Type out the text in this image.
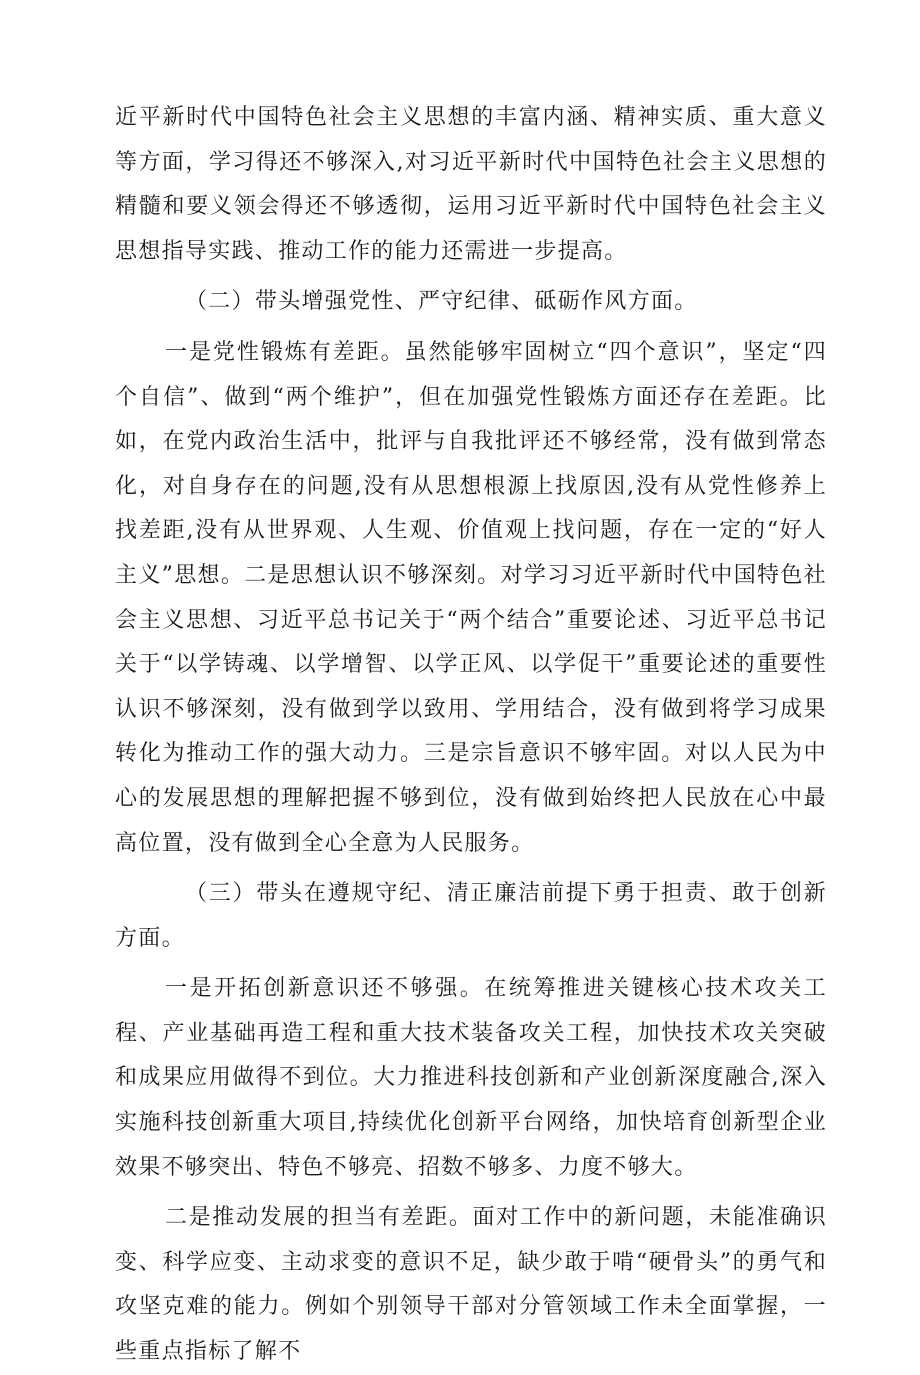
近平新时代中国特色社会主义思想的丰富内涵、精神实质、重大意义等方面，学习得还不够深入,对习近平新时代中国特色社会主义思想的精髓和要义领会得还不够透彻，运用习近平新时代中国特色社会主义思想指导实践、推动工作的能力还需进一步提高。

（二）带头增强党性、严守纪律、砥砺作风方面。

一是党性锻炼有差距。虽然能够牢固树立“四个意识”，坚定“四个自信”、做到“两个维护”，但在加强党性锻炼方面还存在差距。比如，在党内政治生活中，批评与自我批评还不够经常，没有做到常态化，对自身存在的问题,没有从思想根源上找原因,没有从党性修养上找差距,没有从世界观、人生观、价值观上找问题，存在一定的“好人主义”思想。二是思想认识不够深刻。对学习习近平新时代中国特色社会主义思想、习近平总书记关于“两个结合”重要论述、习近平总书记关于“以学铸魂、以学增智、以学正风、以学促干”重要论述的重要性认识不够深刻，没有做到学以致用、学用结合，没有做到将学习成果转化为推动工作的强大动力。三是宗旨意识不够牢固。对以人民为中心的发展思想的理解把握不够到位，没有做到始终把人民放在心中最高位置，没有做到全心全意为人民服务。

（三）带头在遵规守纪、清正廉洁前提下勇于担责、敢于创新方面。

一是开拓创新意识还不够强。在统筹推进关键核心技术攻关工程、产业基础再造工程和重大技术装备攻关工程，加快技术攻关突破和成果应用做得不到位。大力推进科技创新和产业创新深度融合,深入实施科技创新重大项目,持续优化创新平台网络，加快培育创新型企业效果不够突出、特色不够亮、招数不够多、力度不够大。

二是推动发展的担当有差距。面对工作中的新问题，未能准确识变、科学应变、主动求变的意识不足，缺少敢于啃“硬骨头”的勇气和攻坚克难的能力。例如个别领导干部对分管领域工作未全面掌握，一些重点指标了解不
